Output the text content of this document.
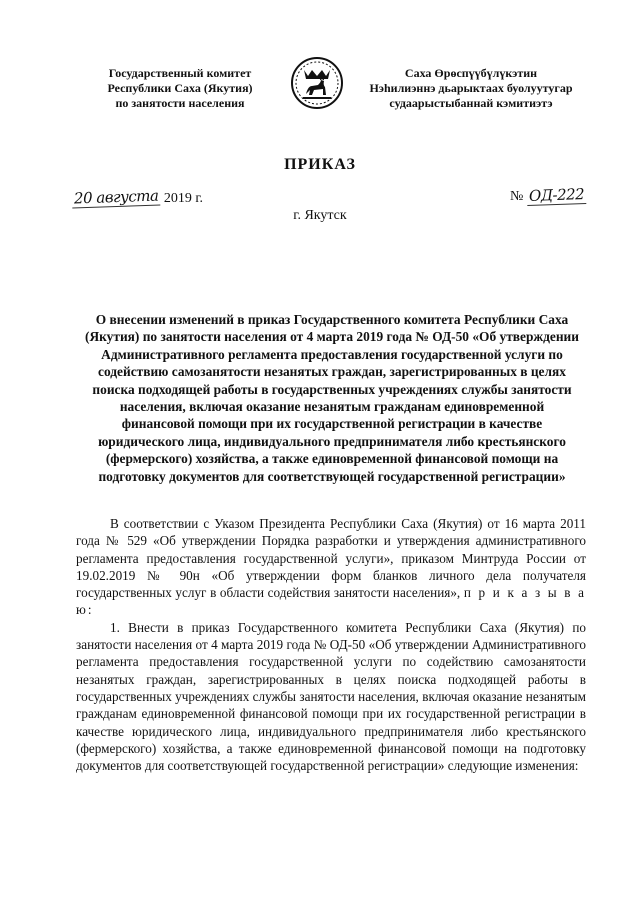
Государственный комитет
Республики Саха (Якутия)
по занятости населения
Саха Өрөспүүбүлүкэтин
Нэһилиэннэ дьарыктаах буолуутугар
судаарыстыбаннай кэмитиэтэ
ПРИКАЗ
20 августа 2019 г.	№ ОД-222
г. Якутск
О внесении изменений в приказ Государственного комитета Республики Саха (Якутия) по занятости населения от 4 марта 2019 года № ОД-50 «Об утверждении Административного регламента предоставления государственной услуги по содействию самозанятости незанятых граждан, зарегистрированных в целях поиска подходящей работы в государственных учреждениях службы занятости населения, включая оказание незанятым гражданам единовременной финансовой помощи при их государственной регистрации в качестве юридического лица, индивидуального предпринимателя либо крестьянского (фермерского) хозяйства, а также единовременной финансовой помощи на подготовку документов для соответствующей государственной регистрации»

В соответствии с Указом Президента Республики Саха (Якутия) от 16 марта 2011 года № 529 «Об утверждении Порядка разработки и утверждения административного регламента предоставления государственной услуги», приказом Минтруда России от 19.02.2019 № 90н «Об утверждении форм бланков личного дела получателя государственных услуг в области содействия занятости населения», п р и к а з ы в а ю:

1. Внести в приказ Государственного комитета Республики Саха (Якутия) по занятости населения от 4 марта 2019 года № ОД-50 «Об утверждении Административного регламента предоставления государственной услуги по содействию самозанятости незанятых граждан, зарегистрированных в целях поиска подходящей работы в государственных учреждениях службы занятости населения, включая оказание незанятым гражданам единовременной финансовой помощи при их государственной регистрации в качестве юридического лица, индивидуального предпринимателя либо крестьянского (фермерского) хозяйства, а также единовременной финансовой помощи на подготовку документов для соответствующей государственной регистрации» следующие изменения:
